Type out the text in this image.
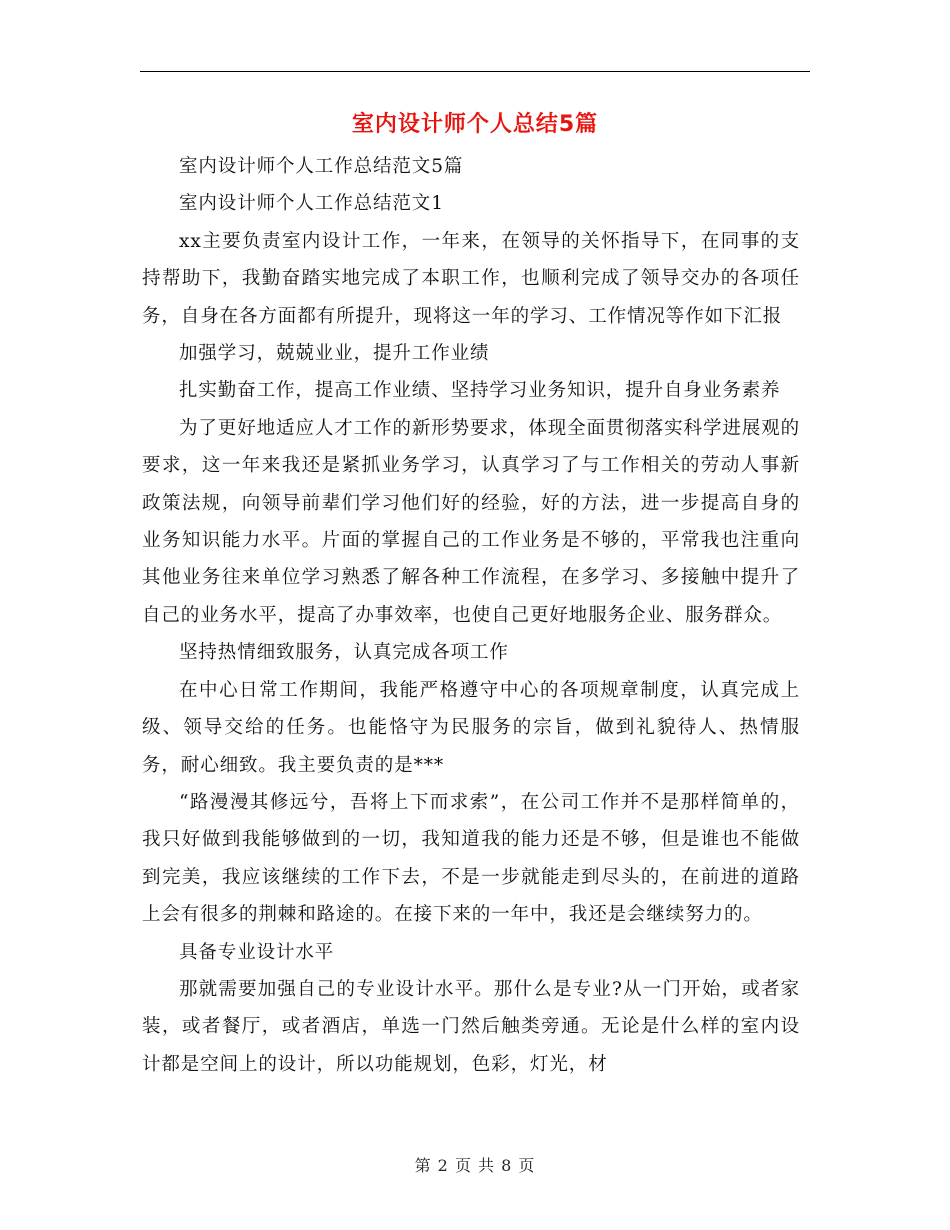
室内设计师个人总结5篇

室内设计师个人工作总结范文5篇

室内设计师个人工作总结范文1

xx主要负责室内设计工作，一年来，在领导的关怀指导下，在同事的支持帮助下，我勤奋踏实地完成了本职工作，也顺利完成了领导交办的各项任务，自身在各方面都有所提升，现将这一年的学习、工作情况等作如下汇报

加强学习，兢兢业业，提升工作业绩

扎实勤奋工作，提高工作业绩、坚持学习业务知识，提升自身业务素养

为了更好地适应人才工作的新形势要求，体现全面贯彻落实科学进展观的要求，这一年来我还是紧抓业务学习，认真学习了与工作相关的劳动人事新政策法规，向领导前辈们学习他们好的经验，好的方法，进一步提高自身的业务知识能力水平。片面的掌握自己的工作业务是不够的，平常我也注重向其他业务往来单位学习熟悉了解各种工作流程，在多学习、多接触中提升了自己的业务水平，提高了办事效率，也使自己更好地服务企业、服务群众。

坚持热情细致服务，认真完成各项工作

在中心日常工作期间，我能严格遵守中心的各项规章制度，认真完成上级、领导交给的任务。也能恪守为民服务的宗旨，做到礼貌待人、热情服务，耐心细致。我主要负责的是***

“路漫漫其修远兮，吾将上下而求索”，在公司工作并不是那样简单的，我只好做到我能够做到的一切，我知道我的能力还是不够，但是谁也不能做到完美，我应该继续的工作下去，不是一步就能走到尽头的，在前进的道路上会有很多的荆棘和路途的。在接下来的一年中，我还是会继续努力的。

具备专业设计水平

那就需要加强自己的专业设计水平。那什么是专业?从一门开始，或者家装，或者餐厅，或者酒店，单选一门然后触类旁通。无论是什么样的室内设计都是空间上的设计，所以功能规划，色彩，灯光，材

第 2 页 共 8 页
